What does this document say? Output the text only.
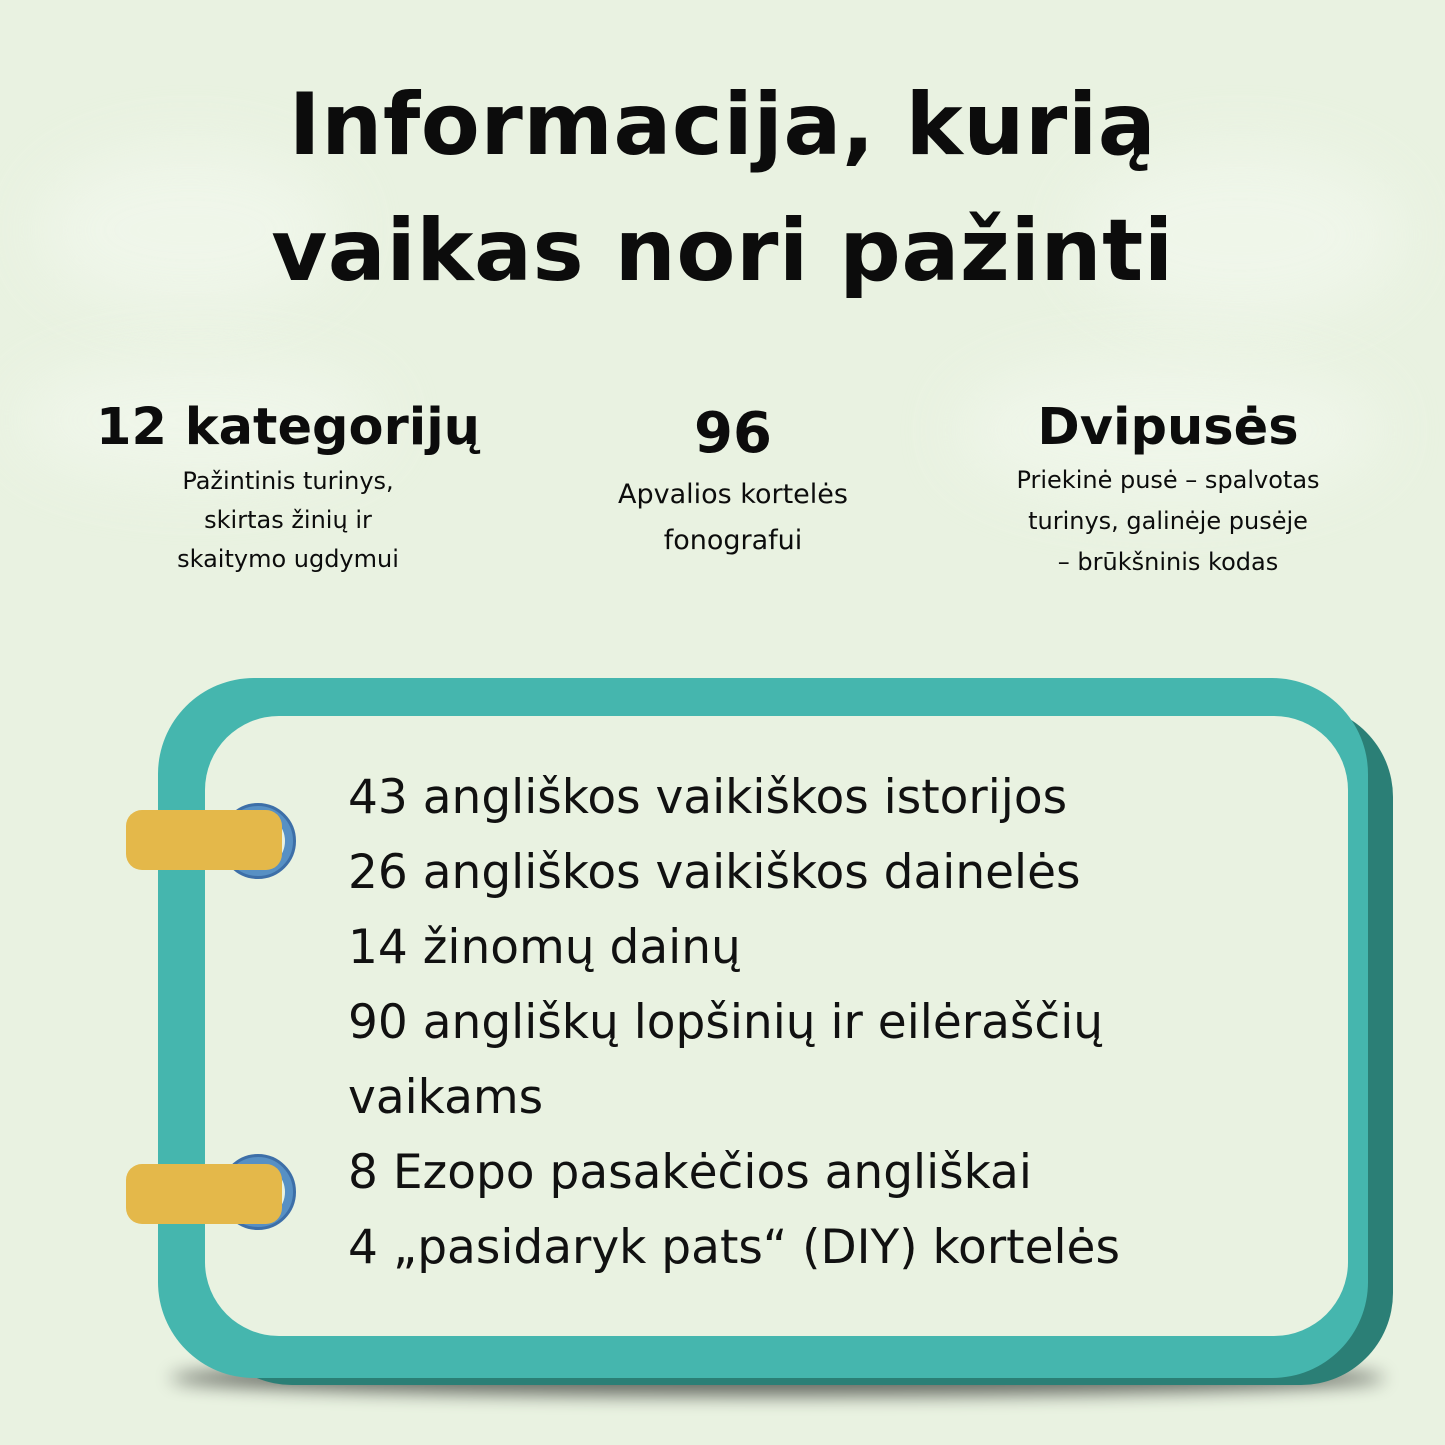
Informacija, kurią
vaikas nori pažinti
12 kategorijų
Pažintinis turinys,
skirtas žinių ir
skaitymo ugdymui
96
Apvalios kortelės
fonografui
Dvipusės
Priekinė pusė – spalvotas
turinys, galinėje pusėje
– brūkšninis kodas
43 angliškos vaikiškos istorijos
26 angliškos vaikiškos dainelės
14 žinomų dainų
90 angliškų lopšinių ir eilėraščių
vaikams
8 Ezopo pasakėčios angliškai
4 „pasidaryk pats“ (DIY) kortelės
